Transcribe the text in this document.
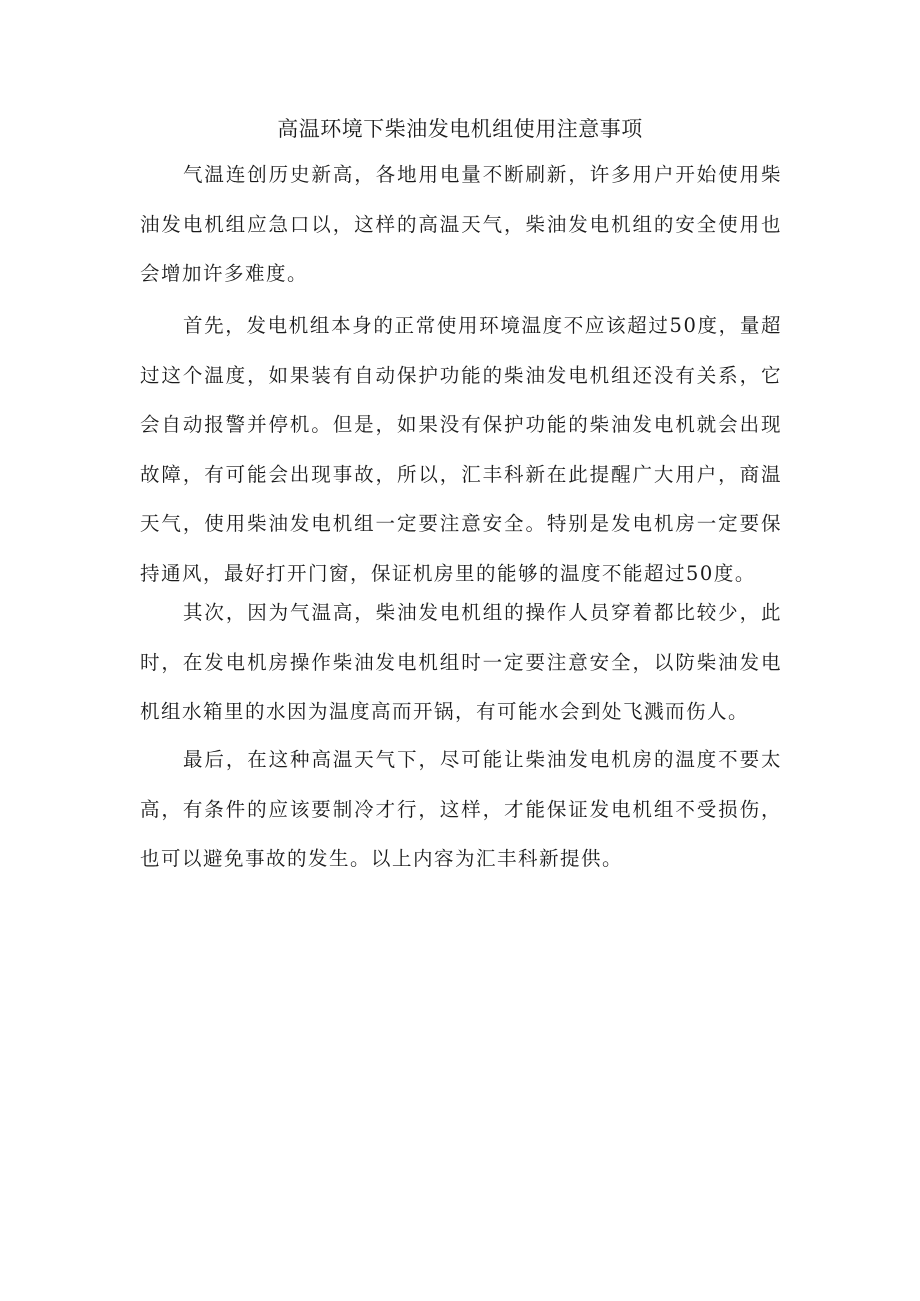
高温环境下柴油发电机组使用注意事项

气温连创历史新高，各地用电量不断刷新，许多用户开始使用柴油发电机组应急口以，这样的高温天气，柴油发电机组的安全使用也会增加许多难度。

首先，发电机组本身的正常使用环境温度不应该超过50度，量超过这个温度，如果装有自动保护功能的柴油发电机组还没有关系，它会自动报警并停机。但是，如果没有保护功能的柴油发电机就会出现故障，有可能会出现事故，所以，汇丰科新在此提醒广大用户，商温天气，使用柴油发电机组一定要注意安全。特别是发电机房一定要保持通风，最好打开门窗，保证机房里的能够的温度不能超过50度。

其次，因为气温高，柴油发电机组的操作人员穿着都比较少，此时，在发电机房操作柴油发电机组时一定要注意安全，以防柴油发电机组水箱里的水因为温度高而开锅，有可能水会到处飞溅而伤人。

最后，在这种高温天气下，尽可能让柴油发电机房的温度不要太高，有条件的应该要制冷才行，这样，才能保证发电机组不受损伤，也可以避免事故的发生。以上内容为汇丰科新提供。
